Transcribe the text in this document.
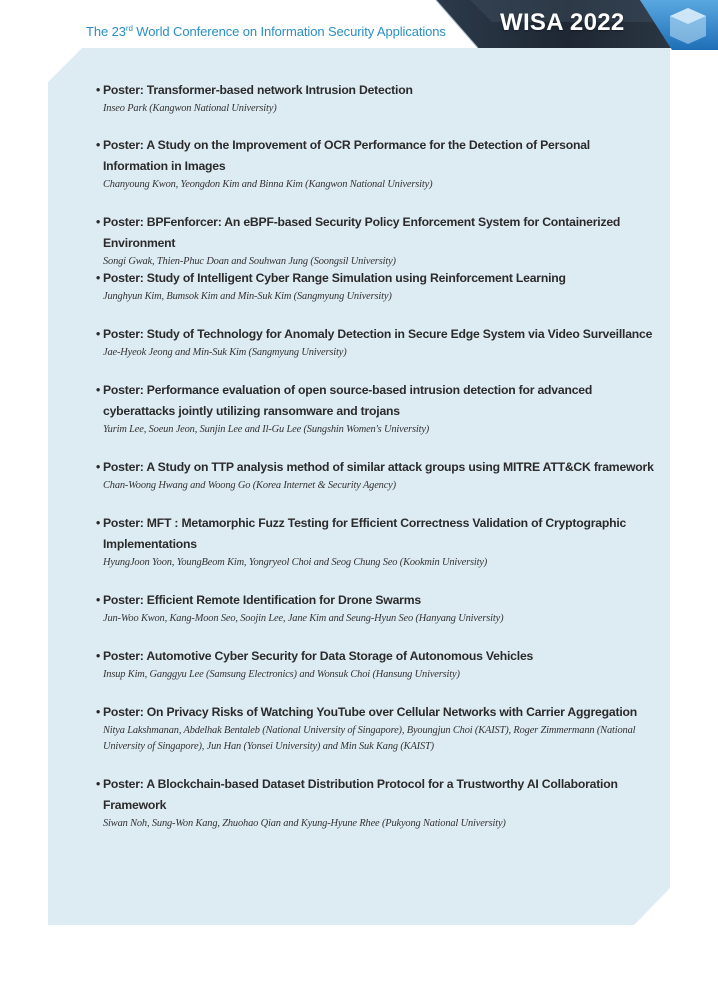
The 23rd World Conference on Information Security Applications WISA 2022
• Poster: Transformer-based network Intrusion Detection
Inseo Park (Kangwon National University)
• Poster: A Study on the Improvement of OCR Performance for the Detection of Personal Information in Images
Chanyoung Kwon, Yeongdon Kim and Binna Kim (Kangwon National University)
• Poster: BPFenforcer: An eBPF-based Security Policy Enforcement System for Containerized Environment
Songi Gwak, Thien-Phuc Doan and Souhwan Jung (Soongsil University)
• Poster: Study of Intelligent Cyber Range Simulation using Reinforcement Learning
Junghyun Kim, Bumsok Kim and Min-Suk Kim (Sangmyung University)
• Poster: Study of Technology for Anomaly Detection in Secure Edge System via Video Surveillance
Jae-Hyeok Jeong and Min-Suk Kim (Sangmyung University)
• Poster: Performance evaluation of open source-based intrusion detection for advanced cyberattacks jointly utilizing ransomware and trojans
Yurim Lee, Soeun Jeon, Sunjin Lee and Il-Gu Lee (Sungshin Women's University)
• Poster: A Study on TTP analysis method of similar attack groups using MITRE ATT&CK framework
Chan-Woong Hwang and Woong Go (Korea Internet & Security Agency)
• Poster: MFT : Metamorphic Fuzz Testing for Efficient Correctness Validation of Cryptographic Implementations
HyungJoon Yoon, YoungBeom Kim, Yongryeol Choi and Seog Chung Seo (Kookmin University)
• Poster: Efficient Remote Identification for Drone Swarms
Jun-Woo Kwon, Kang-Moon Seo, Soojin Lee, Jane Kim and Seung-Hyun Seo (Hanyang University)
• Poster: Automotive Cyber Security for Data Storage of Autonomous Vehicles
Insup Kim, Ganggyu Lee (Samsung Electronics) and Wonsuk Choi (Hansung University)
• Poster: On Privacy Risks of Watching YouTube over Cellular Networks with Carrier Aggregation
Nitya Lakshmanan, Abdelhak Bentaleb (National University of Singapore), Byoungjun Choi (KAIST), Roger Zimmermann (National University of Singapore), Jun Han (Yonsei University) and Min Suk Kang (KAIST)
• Poster: A Blockchain-based Dataset Distribution Protocol for a Trustworthy AI Collaboration Framework
Siwan Noh, Sung-Won Kang, Zhuohao Qian and Kyung-Hyune Rhee (Pukyong National University)
